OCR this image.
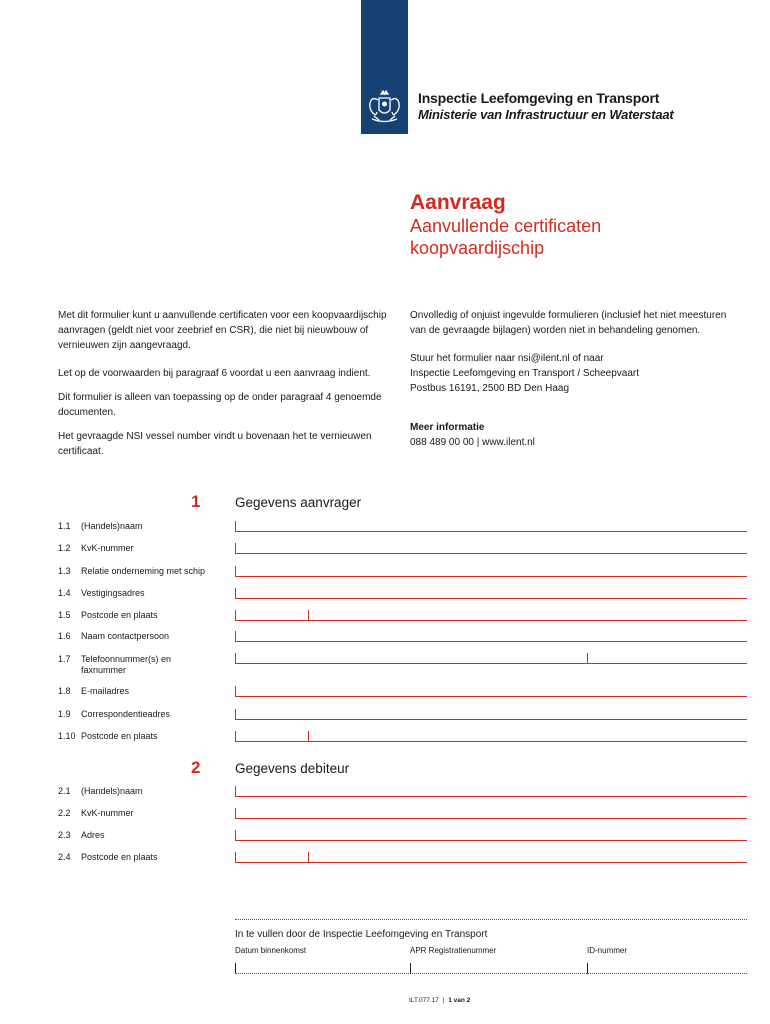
Inspectie Leefomgeving en Transport
Ministerie van Infrastructuur en Waterstaat
Aanvraag
Aanvullende certificaten
koopvaardijschip

Met dit formulier kunt u aanvullende certificaten voor een koopvaardijschip aanvragen (geldt niet voor zeebrief en CSR), die niet bij nieuwbouw of vernieuwen zijn aangevraagd.

Let op de voorwaarden bij paragraaf 6 voordat u een aanvraag indient.

Dit formulier is alleen van toepassing op de onder paragraaf 4 genoemde documenten.

Het gevraagde NSI vessel number vindt u bovenaan het te vernieuwen certificaat.

Onvolledig of onjuist ingevulde formulieren (inclusief het niet meesturen van de gevraagde bijlagen) worden niet in behandeling genomen.

Stuur het formulier naar nsi@ilent.nl of naar

Inspectie Leefomgeving en Transport / Scheepvaart

Postbus 16191, 2500 BD Den Haag

Meer informatie

088 489 00 00 | www.ilent.nl

1	Gegevens aanvrager
1.1 (Handels)naam
1.2 KvK-nummer
1.3 Relatie onderneming met schip
1.4 Vestigingsadres
1.5 Postcode en plaats
1.6 Naam contactpersoon
1.7 Telefoonnummer(s) en faxnummer
1.8 E-mailadres
1.9 Correspondentieadres
1.10 Postcode en plaats
2	Gegevens debiteur
2.1 (Handels)naam
2.2 KvK-nummer
2.3 Adres
2.4 Postcode en plaats
In te vullen door de Inspectie Leefomgeving en Transport
Datum binnenkomst	APR Registratienummer	ID-nummer
ILT.077.17 | 1 van 2
